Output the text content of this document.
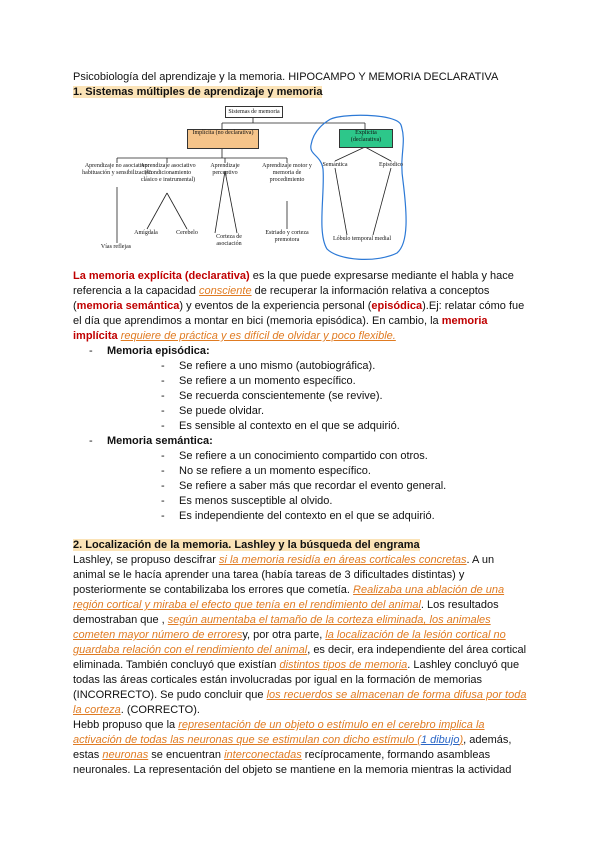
Psicobiología del aprendizaje y la memoria. HIPOCAMPO Y MEMORIA DECLARATIVA

1. Sistemas múltiples de aprendizaje y memoria

Sistemas de memoria
Implícita (no declarativa)	Explícita (declarativa)
Aprendizaje no asociativo: habituación y sensibilización
Aprendizaje asociativo (Condicionamiento clásico e instrumental)
Aprendizaje perceptivo
Aprendizaje motor y memoria de procedimiento
Semántica	Episódico
Vías reflejas
Amígdala	Cerebelo
Corteza de asociación
Estriado y corteza premotora	Lóbulo temporal medial

La memoria explícita (declarativa) es la que puede expresarse mediante el habla y hace referencia a la capacidad consciente de recuperar la información relativa a conceptos (memoria semántica) y eventos de la experiencia personal (episódica).Ej: relatar cómo fue el día que aprendimos a montar en bici (memoria episódica). En cambio, la memoria implícita requiere de práctica y es difícil de olvidar y poco flexible.

- Memoria episódica:
- Se refiere a uno mismo (autobiográfica).
- Se refiere a un momento específico.
- Se recuerda conscientemente (se revive).
- Se puede olvidar.
- Es sensible al contexto en el que se adquirió.
- Memoria semántica:
- Se refiere a un conocimiento compartido con otros.
- No se refiere a un momento específico.
- Se refiere a saber más que recordar el evento general.
- Es menos susceptible al olvido.
- Es independiente del contexto en el que se adquirió.

2. Localización de la memoria. Lashley y la búsqueda del engrama

Lashley, se propuso descifrar si la memoria residía en áreas corticales concretas. A un animal se le hacía aprender una tarea (había tareas de 3 dificultades distintas) y posteriormente se contabilizaba los errores que cometía. Realizaba una ablación de una región cortical y miraba el efecto que tenía en el rendimiento del animal. Los resultados demostraban que , según aumentaba el tamaño de la corteza eliminada, los animales cometen mayor número de erroresy, por otra parte, la localización de la lesión cortical no guardaba relación con el rendimiento del animal, es decir, era independiente del área cortical eliminada. También concluyó que existían distintos tipos de memoria. Lashley concluyó que todas las áreas corticales están involucradas por igual en la formación de memorias (INCORRECTO). Se pudo concluir que los recuerdos se almacenan de forma difusa por toda la corteza. (CORRECTO).

Hebb propuso que la representación de un objeto o estímulo en el cerebro implica la activación de todas las neuronas que se estimulan con dicho estímulo (1 dibujo), además, estas neuronas se encuentran interconectadas recíprocamente, formando asambleas neuronales. La representación del objeto se mantiene en la memoria mientras la actividad
